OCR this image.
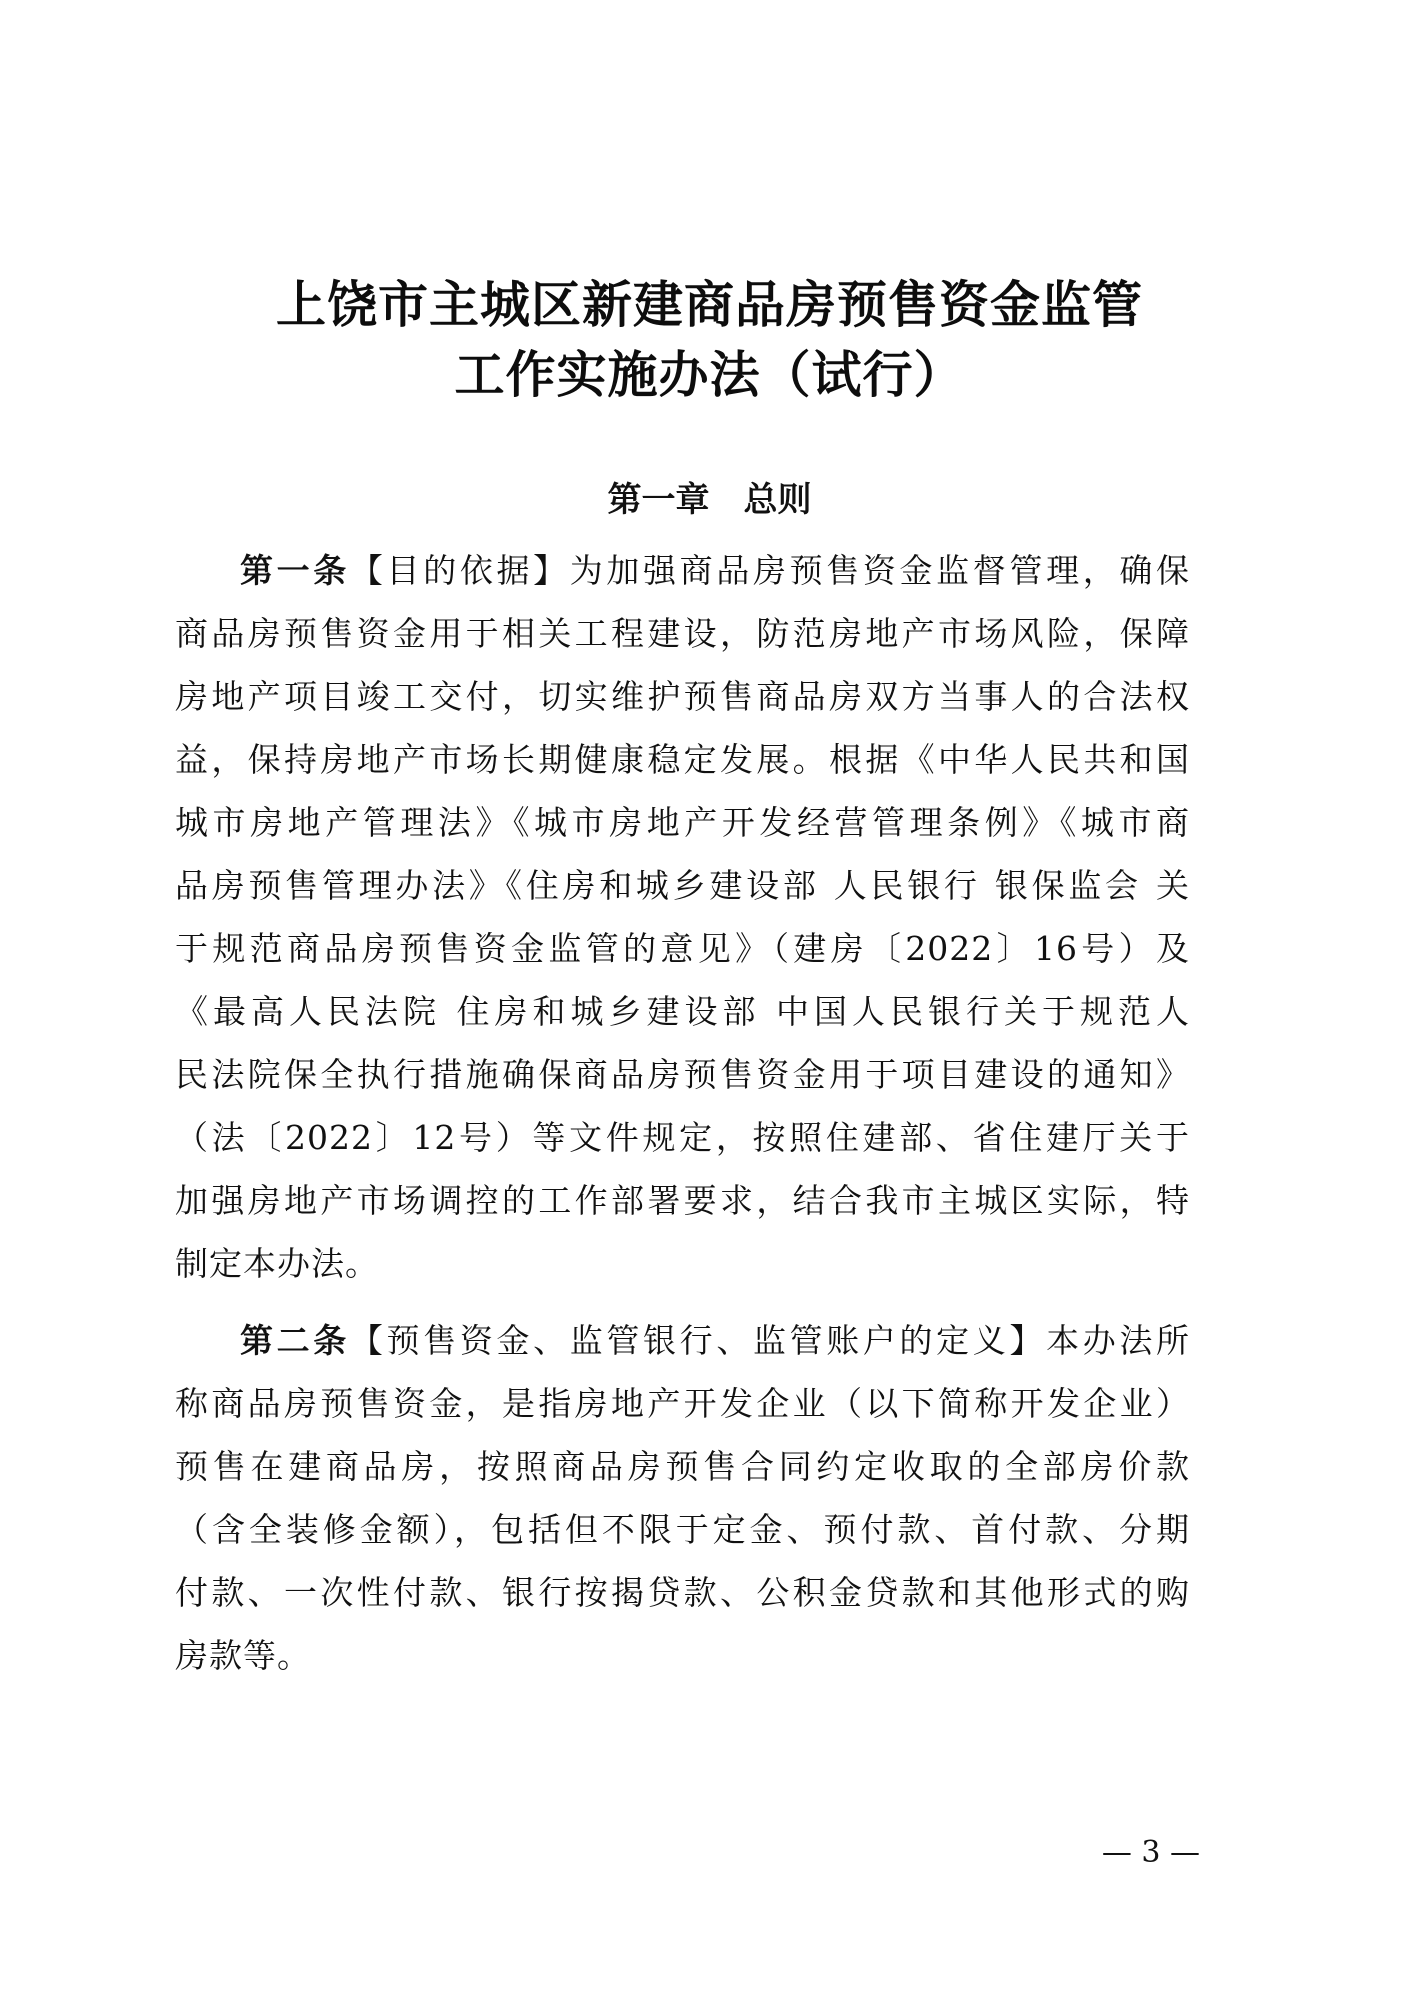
上饶市主城区新建商品房预售资金监管
工作实施办法（试行）
第一章　总则
第一条【目的依据】为加强商品房预售资金监督管理，确保
商品房预售资金用于相关工程建设，防范房地产市场风险，保障
房地产项目竣工交付，切实维护预售商品房双方当事人的合法权
益，保持房地产市场长期健康稳定发展。根据《中华人民共和国
城市房地产管理法》《城市房地产开发经营管理条例》《城市商
品房预售管理办法》《住房和城乡建设部 人民银行 银保监会 关
于规范商品房预售资金监管的意见》（建房〔2022〕16号）及
《最高人民法院 住房和城乡建设部 中国人民银行关于规范人
民法院保全执行措施确保商品房预售资金用于项目建设的通知》
（法〔2022〕12号）等文件规定，按照住建部、省住建厅关于
加强房地产市场调控的工作部署要求，结合我市主城区实际，特
制定本办法。
第二条【预售资金、监管银行、监管账户的定义】本办法所
称商品房预售资金，是指房地产开发企业（以下简称开发企业）
预售在建商品房，按照商品房预售合同约定收取的全部房价款
（含全装修金额），包括但不限于定金、预付款、首付款、分期
付款、一次性付款、银行按揭贷款、公积金贷款和其他形式的购
房款等。
— 3 —
